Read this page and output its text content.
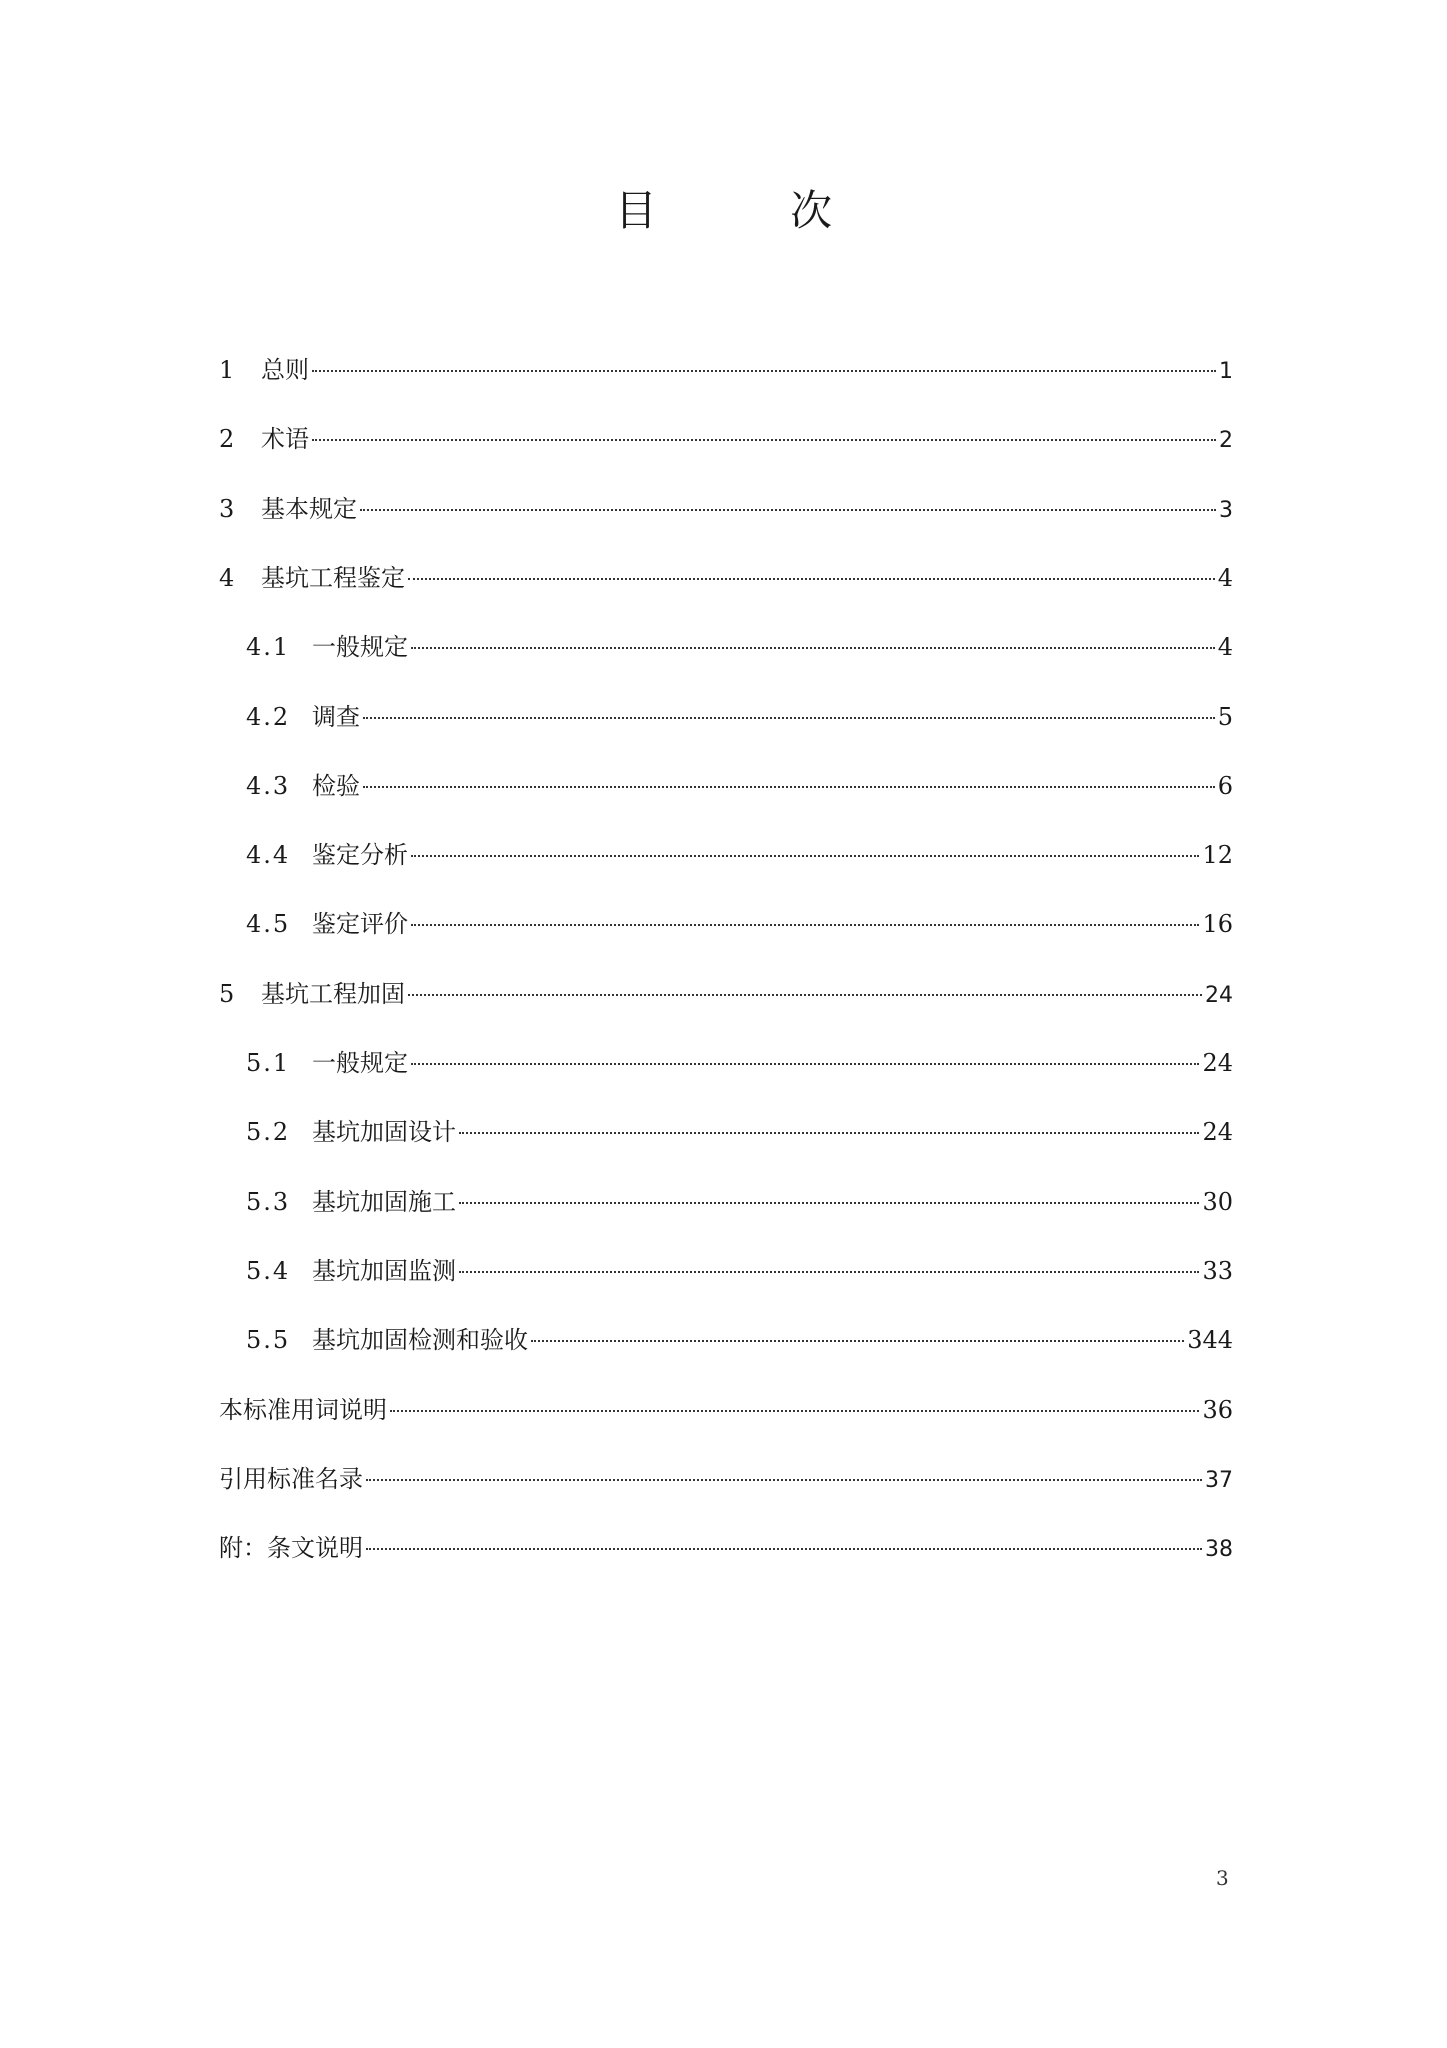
目 次
1	总则	1
2	术语	2
3	基本规定	3
4	基坑工程鉴定	4
4.1 一般规定	4
4.2 调查	5
4.3 检验	6
4.4 鉴定分析	12
4.5 鉴定评价	16
5	基坑工程加固	24
5.1 一般规定	24
5.2 基坑加固设计	24
5.3 基坑加固施工	30
5.4 基坑加固监测	33
5.5 基坑加固检测和验收	344
本标准用词说明	36
引用标准名录	37
附：条文说明	38
3
